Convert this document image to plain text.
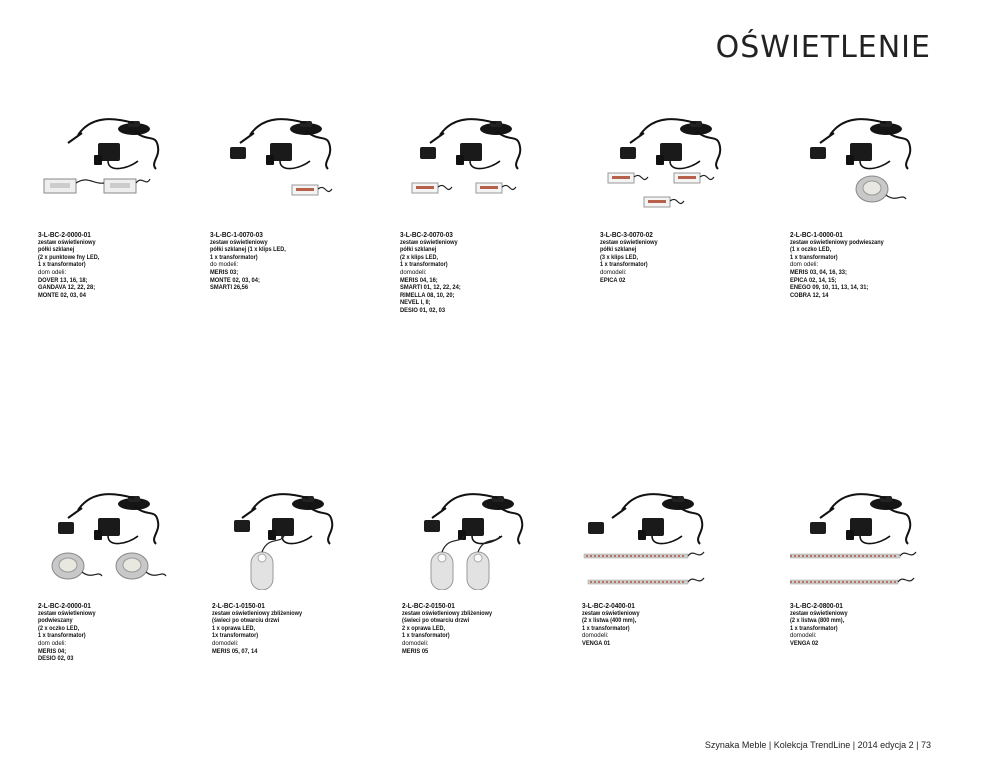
OŚWIETLENIE
3-L-BC-2-0000-01
zestaw oświetleniowy
półki szklanej
(2 x punktowe fny LED,
1 x transformator)
dom odeli:
DOVER 13, 16, 18;
GANDAVA 12, 22, 28;
MONTE 02, 03, 04
3-L-BC-1-0070-03
zestaw oświetleniowy
półki szklanej (1 x klips LED,
1 x transformator)
do modeli:
MERIS 03;
MONTE 02, 03, 04;
SMARTI 26,56
3-L-BC-2-0070-03
zestaw oświetleniowy
półki szklanej
(2 x klips LED,
1 x transformator)
domodeli:
MERIS 04, 16;
SMARTI 01, 12, 22, 24;
RIMELLA 08, 10, 20;
NEVEL I, II;
DESIO 01, 02, 03
3-L-BC-3-0070-02
zestaw oświetleniowy
półki szklanej
(3 x klips LED,
1 x transformator)
domodeli:
EPICA 02
2-L-BC-1-0000-01
zestaw oświetleniowy podwieszany
(1 x oczko LED,
1 x transformator)
dom odeli:
MERIS 03, 04, 16, 33;
EPICA 02, 14, 15;
ENEGO 09, 10, 11, 13, 14, 31;
COBRA 12, 14
2-L-BC-2-0000-01
zestaw oświetleniowy
podwieszany
(2 x oczko LED,
1 x transformator)
dom odeli:
MERIS 04;
DESIO 02, 03
2-L-BC-1-0150-01
zestaw oświetleniowy zbliżeniowy
(świeci po otwarciu drzwi
1 x oprawa LED,
1x transformator)
domodeli:
MERIS 05, 07, 14
2-L-BC-2-0150-01
zestaw oświetleniowy zbliżeniowy
(świeci po otwarciu drzwi
2 x oprawa LED,
1 x transformator)
domodeli:
MERIS 05
3-L-BC-2-0400-01
zestaw oświetleniowy
(2 x listwa (400 mm),
1 x transformator)
domodeli:
VENGA 01
3-L-BC-2-0800-01
zestaw oświetleniowy
(2 x listwa (800 mm),
1 x transformator)
domodeli:
VENGA 02
Szynaka Meble | Kolekcja TrendLine | 2014 edycja 2 | 73
